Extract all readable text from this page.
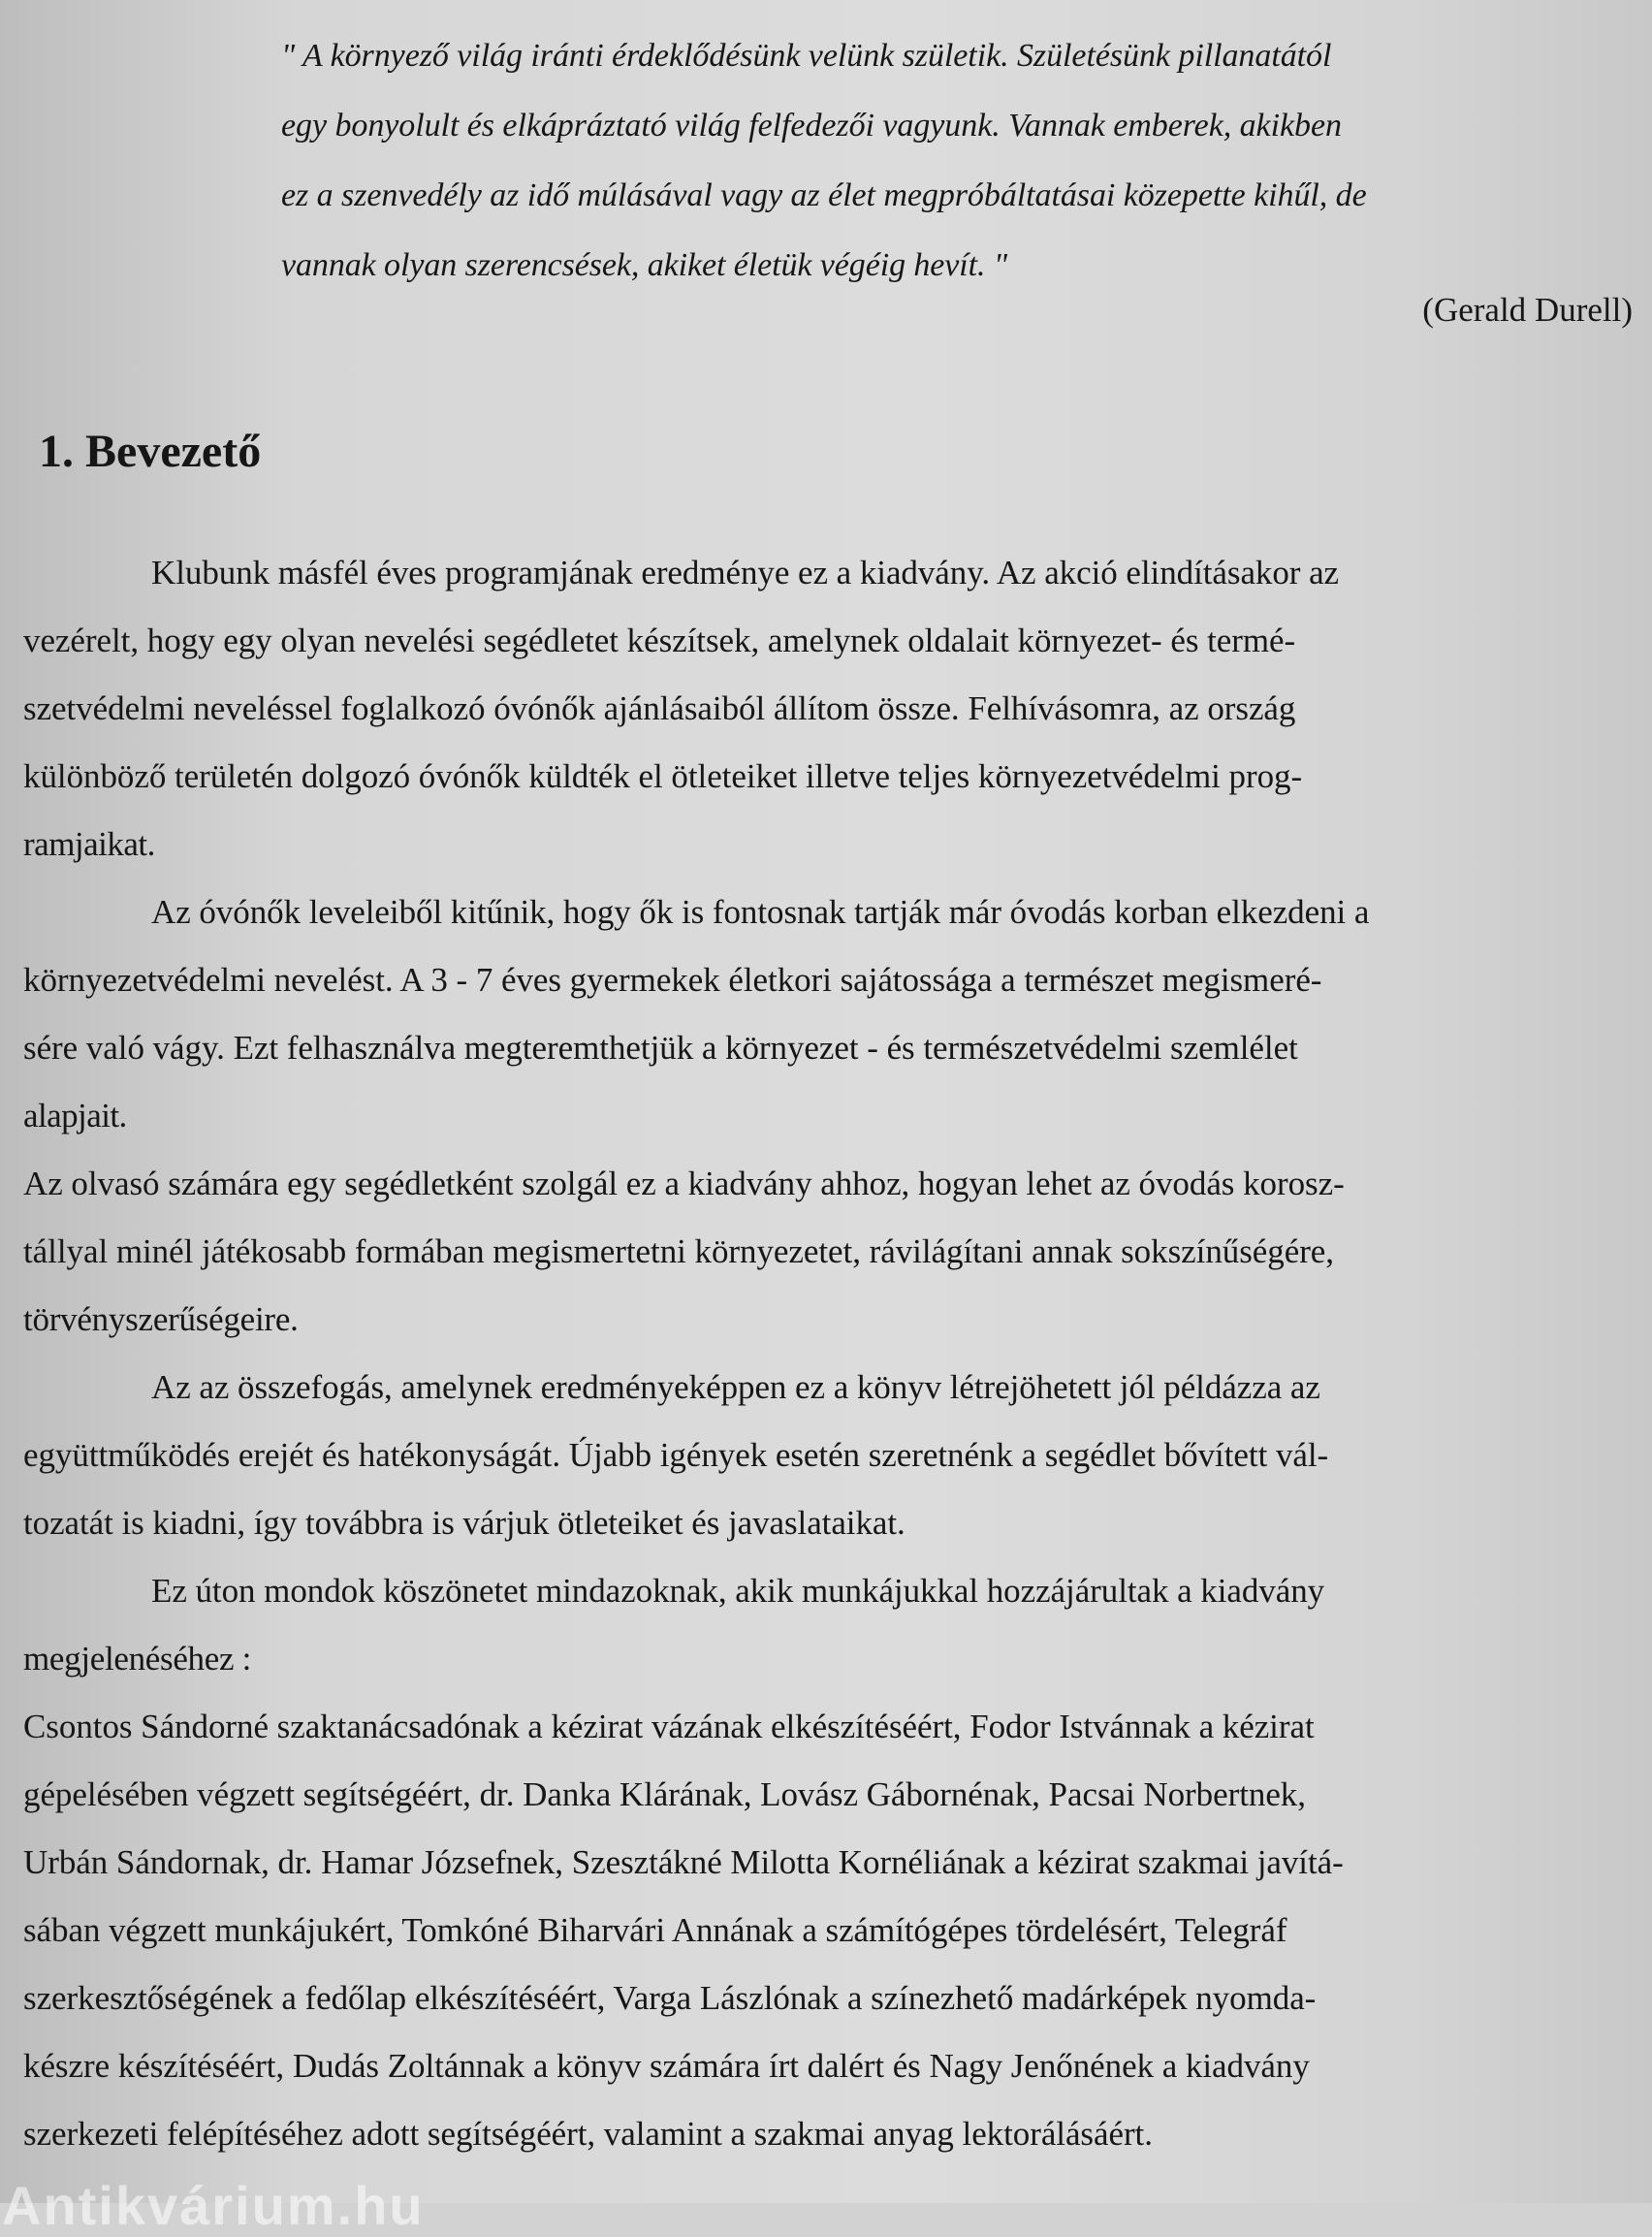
" A környező világ iránti érdeklődésünk velünk születik. Születésünk pillanatától
egy bonyolult és elkápráztató világ felfedezői vagyunk. Vannak emberek, akikben
ez a szenvedély az idő múlásával vagy az élet megpróbáltatásai közepette kihűl, de
vannak olyan szerencsések, akiket életük végéig hevít. "
(Gerald Durell)
1. Bevezető

Klubunk másfél éves programjának eredménye ez a kiadvány. Az akció elindításakor az
vezérelt, hogy egy olyan nevelési segédletet készítsek, amelynek oldalait környezet- és termé-
szetvédelmi neveléssel foglalkozó óvónők ajánlásaiból állítom össze. Felhívásomra, az ország
különböző területén dolgozó óvónők küldték el ötleteiket illetve teljes környezetvédelmi prog-
ramjaikat.

Az óvónők leveleiből kitűnik, hogy ők is fontosnak tartják már óvodás korban elkezdeni a
környezetvédelmi nevelést. A 3 - 7 éves gyermekek életkori sajátossága a természet megismeré-
sére való vágy. Ezt felhasználva megteremthetjük a környezet - és természetvédelmi szemlélet
alapjait.

Az olvasó számára egy segédletként szolgál ez a kiadvány ahhoz, hogyan lehet az óvodás korosz-
tállyal minél játékosabb formában megismertetni környezetet, rávilágítani annak sokszínűségére,
törvényszerűségeire.

Az az összefogás, amelynek eredményeképpen ez a könyv létrejöhetett jól példázza az
együttműködés erejét és hatékonyságát. Újabb igények esetén szeretnénk a segédlet bővített vál-
tozatát is kiadni, így továbbra is várjuk ötleteiket és javaslataikat.

Ez úton mondok köszönetet mindazoknak, akik munkájukkal hozzájárultak a kiadvány
megjelenéséhez :

Csontos Sándorné szaktanácsadónak a kézirat vázának elkészítéséért, Fodor Istvánnak a kézirat
gépelésében végzett segítségéért, dr. Danka Klárának, Lovász Gábornénak, Pacsai Norbertnek,
Urbán Sándornak, dr. Hamar Józsefnek, Szesztákné Milotta Kornéliának a kézirat szakmai javítá-
sában végzett munkájukért, Tomkóné Biharvári Annának a számítógépes tördelésért, Telegráf
szerkesztőségének a fedőlap elkészítéséért, Varga Lászlónak a színezhető madárképek nyomda-
készre készítéséért, Dudás Zoltánnak a könyv számára írt dalért és Nagy Jenőnének a kiadvány
szerkezeti felépítéséhez adott segítségéért, valamint a szakmai anyag lektorálásáért.

Antikvárium.hu
